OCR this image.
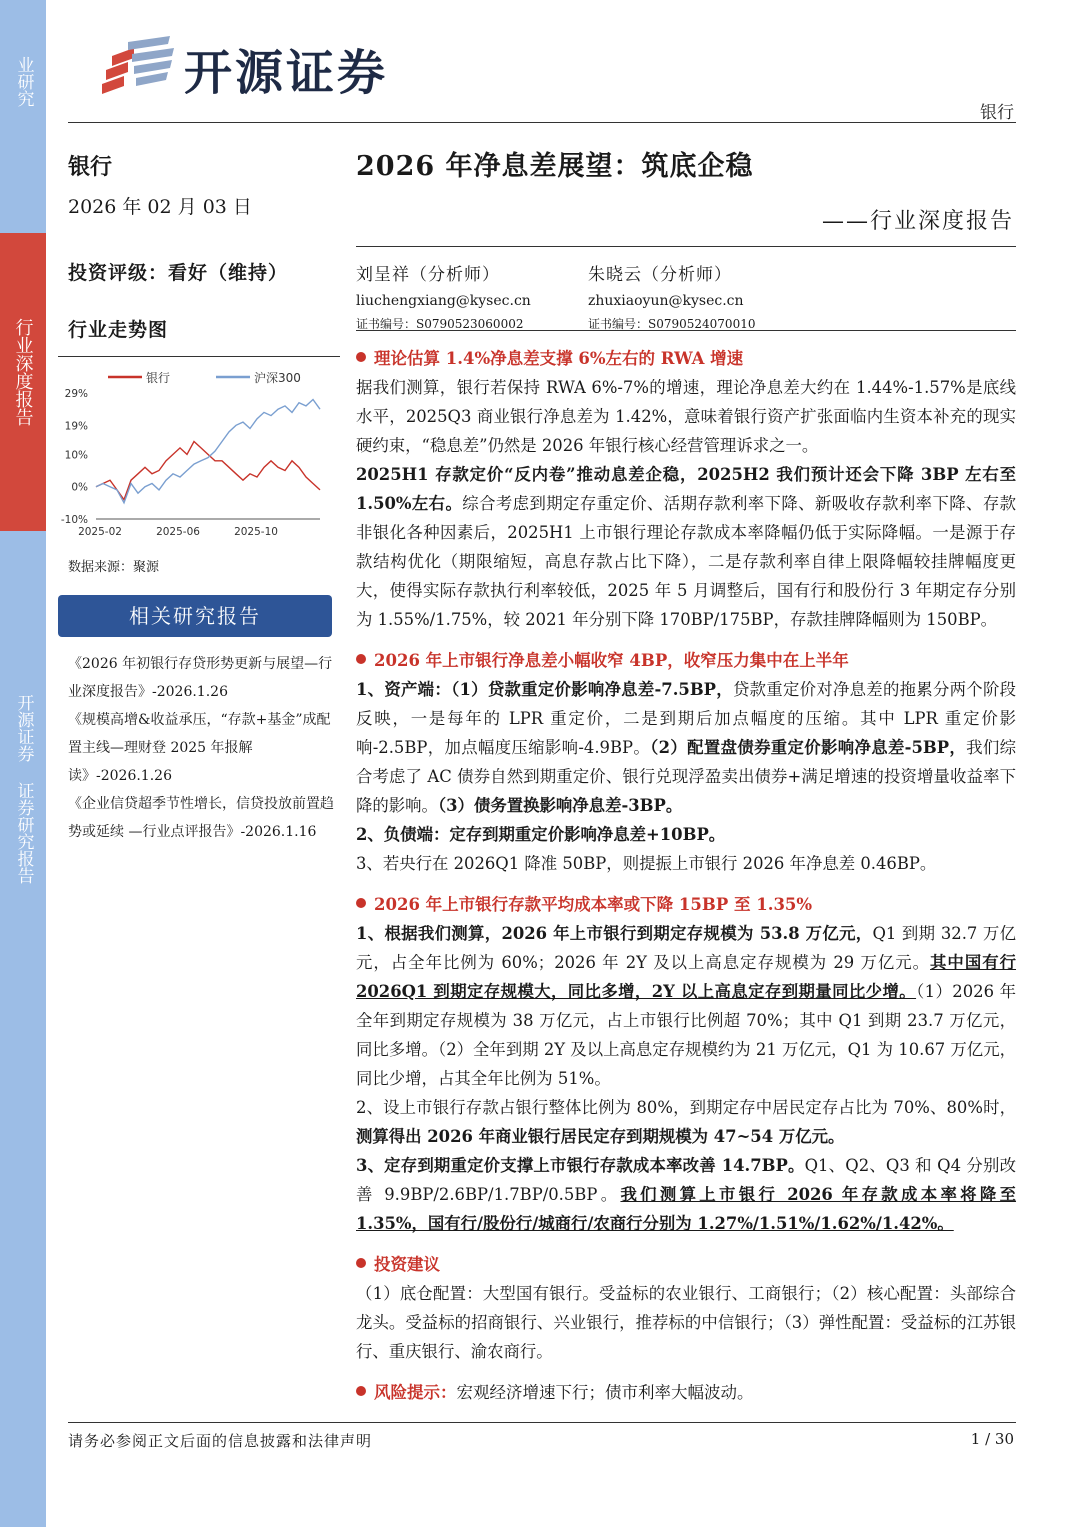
业研究
行业深度报告
开源证券
证券研究报告
开源证券
银行
银行
2026 年 02 月 03 日
投资评级：看好（维持）
行业走势图
银行	沪深300
29%
19%
10%
0%
-10%
2025-02	2025-06	2025-10
数据来源：聚源
相关研究报告
《2026 年初银行存贷形势更新与展望—行业深度报告》-2026.1.26
《规模高增&收益承压，“存款+基金”成配置主线—理财登 2025 年报解读》-2026.1.26
《企业信贷超季节性增长，信贷投放前置趋势或延续 —行业点评报告》-2026.1.16
2026 年净息差展望：筑底企稳
——行业深度报告
刘呈祥（分析师）
liuchengxiang@kysec.cn
证书编号：S0790523060002
朱晓云（分析师）
zhuxiaoyun@kysec.cn
证书编号：S0790524070010
理论估算 1.4%净息差支撑 6%左右的 RWA 增速

据我们测算，银行若保持 RWA 6%-7%的增速，理论净息差大约在 1.44%-1.57%是底线水平，2025Q3 商业银行净息差为 1.42%，意味着银行资产扩张面临内生资本补充的现实硬约束，“稳息差”仍然是 2026 年银行核心经营管理诉求之一。

2025H1 存款定价“反内卷”推动息差企稳，2025H2 我们预计还会下降 3BP 左右至 1.50%左右。综合考虑到期定存重定价、活期存款利率下降、新吸收存款利率下降、存款非银化各种因素后，2025H1 上市银行理论存款成本率降幅仍低于实际降幅。一是源于存款结构优化（期限缩短，高息存款占比下降），二是存款利率自律上限降幅较挂牌幅度更大，使得实际存款执行利率较低，2025 年 5 月调整后，国有行和股份行 3 年期定存分别为 1.55%/1.75%，较 2021 年分别下降 170BP/175BP，存款挂牌降幅则为 150BP。

2026 年上市银行净息差小幅收窄 4BP，收窄压力集中在上半年

1、资产端：（1）贷款重定价影响净息差-7.5BP，贷款重定价对净息差的拖累分两个阶段反映，一是每年的 LPR 重定价，二是到期后加点幅度的压缩。其中 LPR 重定价影响-2.5BP，加点幅度压缩影响-4.9BP。（2）配置盘债券重定价影响净息差-5BP，我们综合考虑了 AC 债券自然到期重定价、银行兑现浮盈卖出债券+满足增速的投资增量收益率下降的影响。（3）债务置换影响净息差-3BP。

2、负债端：定存到期重定价影响净息差+10BP。

3、若央行在 2026Q1 降准 50BP，则提振上市银行 2026 年净息差 0.46BP。

2026 年上市银行存款平均成本率或下降 15BP 至 1.35%

1、根据我们测算，2026 年上市银行到期定存规模为 53.8 万亿元，Q1 到期 32.7 万亿元，占全年比例为 60%；2026 年 2Y 及以上高息定存规模为 29 万亿元。其中国有行 2026Q1 到期定存规模大，同比多增，2Y 以上高息定存到期量同比少增。（1）2026 年全年到期定存规模为 38 万亿元，占上市银行比例超 70%；其中 Q1 到期 23.7 万亿元，同比多增。（2）全年到期 2Y 及以上高息定存规模约为 21 万亿元，Q1 为 10.67 万亿元，同比少增，占其全年比例为 51%。

2、设上市银行存款占银行整体比例为 80%，到期定存中居民定存占比为 70%、80%时，测算得出 2026 年商业银行居民定存到期规模为 47~54 万亿元。

3、定存到期重定价支撑上市银行存款成本率改善 14.7BP。Q1、Q2、Q3 和 Q4 分别改善 9.9BP/2.6BP/1.7BP/0.5BP。我们测算上市银行 2026 年存款成本率将降至 1.35%，国有行/股份行/城商行/农商行分别为 1.27%/1.51%/1.62%/1.42%。

投资建议

（1）底仓配置：大型国有银行。受益标的农业银行、工商银行；（2）核心配置：头部综合龙头。受益标的招商银行、兴业银行，推荐标的中信银行；（3）弹性配置：受益标的江苏银行、重庆银行、渝农商行。

风险提示：宏观经济增速下行；债市利率大幅波动。
请务必参阅正文后面的信息披露和法律声明	1 / 30
